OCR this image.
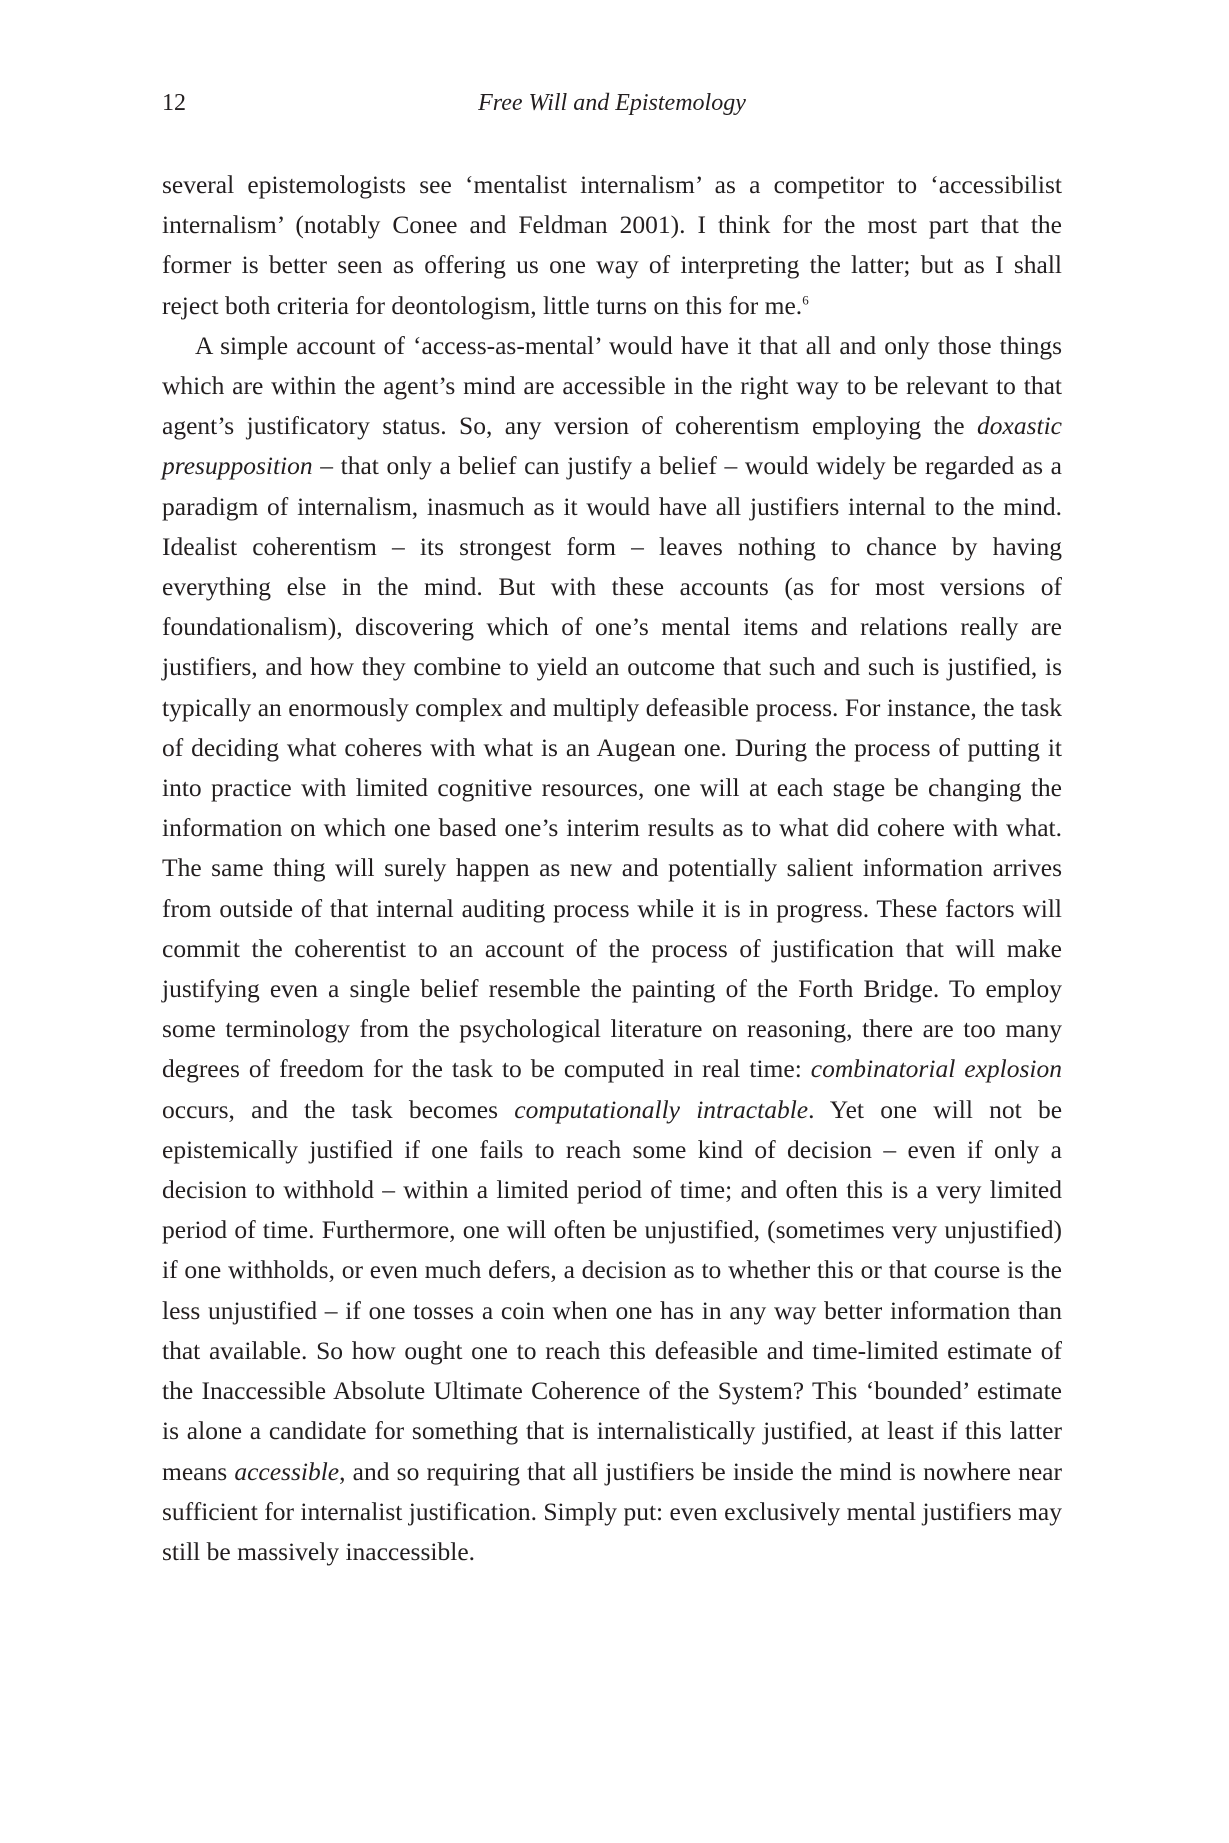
12	Free Will and Epistemology

several epistemologists see ‘mentalist internalism’ as a competitor to ‘accessibilist internalism’ (notably Conee and Feldman 2001). I think for the most part that the former is better seen as offering us one way of interpreting the latter; but as I shall reject both criteria for deontologism, little turns on this for me.$^6$

A simple account of ‘access-as-mental’ would have it that all and only those things which are within the agent’s mind are accessible in the right way to be relevant to that agent’s justificatory status. So, any version of coherentism employing the doxastic presupposition – that only a belief can justify a belief – would widely be regarded as a paradigm of internalism, inasmuch as it would have all justifiers internal to the mind. Idealist coherentism – its strongest form – leaves nothing to chance by having everything else in the mind. But with these accounts (as for most versions of foundationalism), discovering which of one’s mental items and relations really are justifiers, and how they combine to yield an outcome that such and such is justified, is typically an enormously complex and multiply defeasible process. For instance, the task of deciding what coheres with what is an Augean one. During the process of putting it into practice with limited cognitive resources, one will at each stage be changing the information on which one based one’s interim results as to what did cohere with what. The same thing will surely happen as new and potentially salient information arrives from outside of that internal auditing process while it is in progress. These factors will commit the coherentist to an account of the process of justification that will make justifying even a single belief resemble the painting of the Forth Bridge. To employ some terminology from the psychological literature on reasoning, there are too many degrees of freedom for the task to be computed in real time: combinatorial explosion occurs, and the task becomes computationally intractable. Yet one will not be epistemically justified if one fails to reach some kind of decision – even if only a decision to withhold – within a limited period of time; and often this is a very limited period of time. Furthermore, one will often be unjustified, (sometimes very unjustified) if one withholds, or even much defers, a decision as to whether this or that course is the less unjustified – if one tosses a coin when one has in any way better information than that available. So how ought one to reach this defeasible and time-limited estimate of the Inaccessible Absolute Ultimate Coherence of the System? This ‘bounded’ estimate is alone a candidate for something that is internalistically justified, at least if this latter means accessible, and so requiring that all justifiers be inside the mind is nowhere near sufficient for internalist justification. Simply put: even exclusively mental justifiers may still be massively inaccessible.
